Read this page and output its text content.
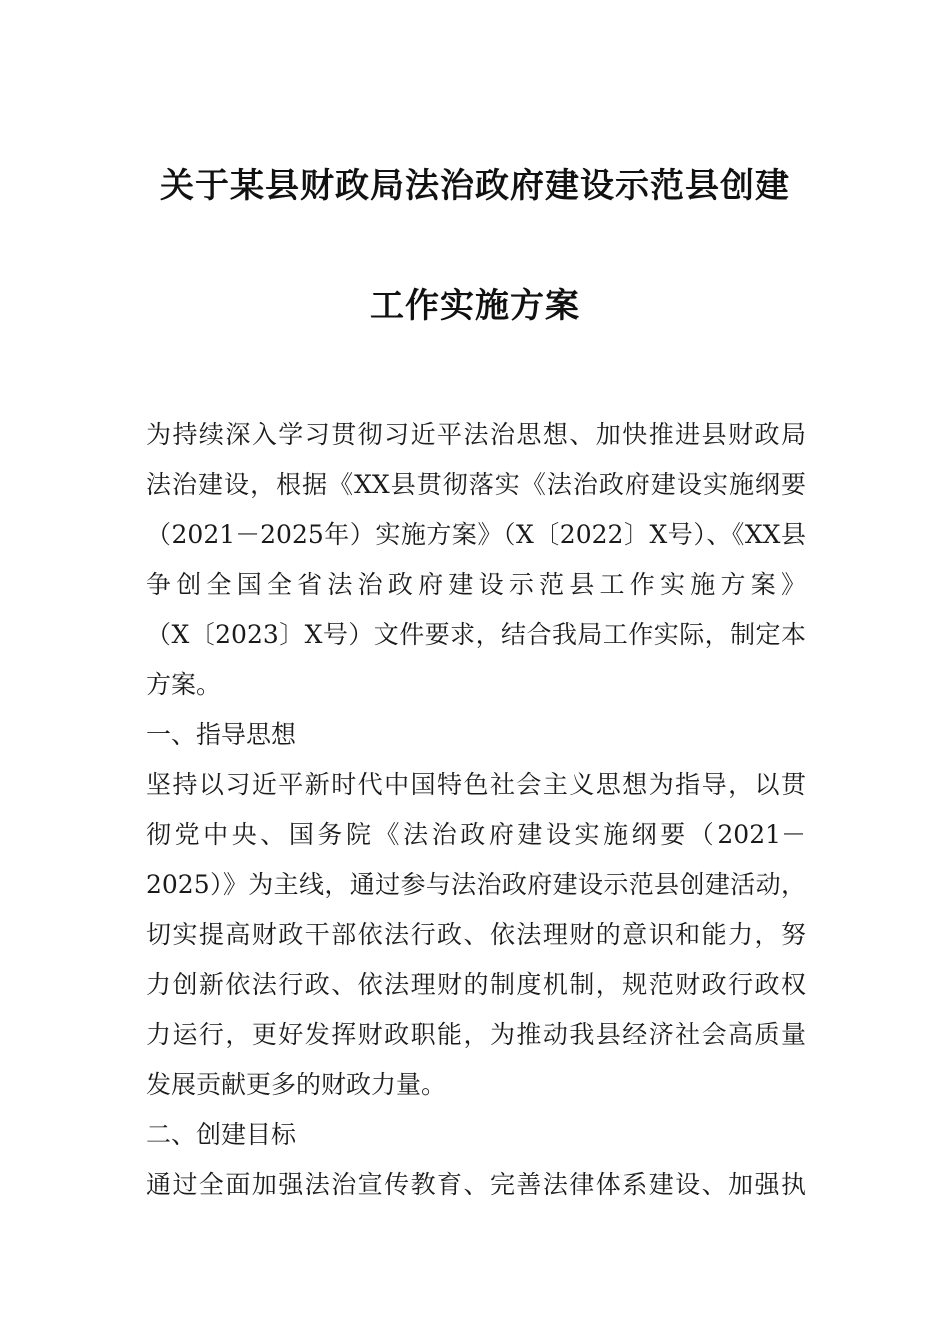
关于某县财政局法治政府建设示范县创建
工作实施方案
为持续深入学习贯彻习近平法治思想、加快推进县财政局
法治建设，根据《XX县贯彻落实《法治政府建设实施纲要
（2021－2025年）实施方案》（X〔2022〕X号）、《XX县
争创全国全省法治政府建设示范县工作实施方案》
（X〔2023〕X号）文件要求，结合我局工作实际，制定本
方案。
一、指导思想
坚持以习近平新时代中国特色社会主义思想为指导，以贯
彻党中央、国务院《法治政府建设实施纲要（2021－
2025）》为主线，通过参与法治政府建设示范县创建活动，
切实提高财政干部依法行政、依法理财的意识和能力，努
力创新依法行政、依法理财的制度机制，规范财政行政权
力运行，更好发挥财政职能，为推动我县经济社会高质量
发展贡献更多的财政力量。
二、创建目标
通过全面加强法治宣传教育、完善法律体系建设、加强执
